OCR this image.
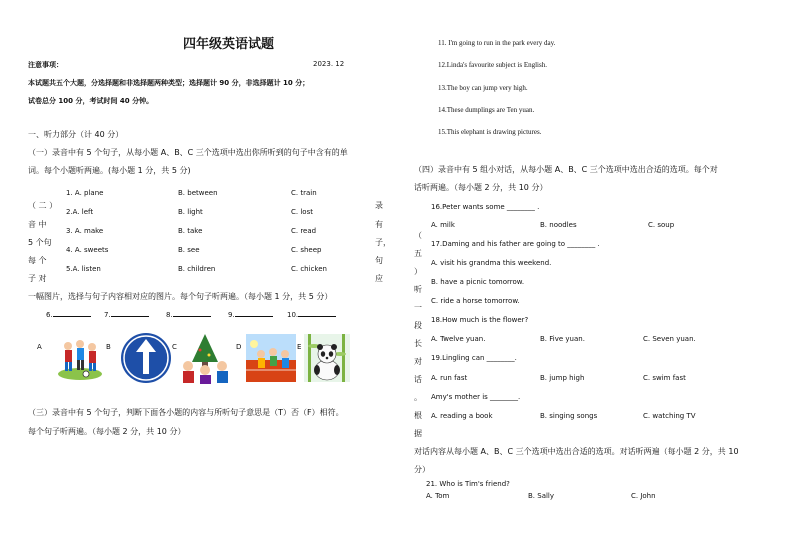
四年级英语试题
注意事项：	2023. 12
本试题共五个大题，分选择题和非选择题两种类型；选择题计 90 分，非选择题计 10 分；
试卷总分 100 分，考试时间 40 分钟。
一、听力部分（计 40 分）
（一）录音中有 5 个句子，从每小题 A、B、C 三个选项中选出你所听到的句子中含有的单
词。每个小题听两遍。(每小题 1 分，共 5 分)
1. A. plane	B. between	C. train
2.A. left	B. light	C. lost
3. A. make	B. take	C. read
4. A. sweets	B. see	C. sheep
5.A. listen	B. children	C. chicken
（ 二 ）
音 中
5 个句
每 个
子 对
录
有
子，
句
应
一幅图片，选择与句子内容相对应的图片。每个句子听两遍。（每小题 1 分，共 5 分）
6.	7.	8.	9.	10.
A	B	C	D	E
（三）录音中有 5 个句子，判断下面各小题的内容与所听句子意思是（T）否（F）相符。
每个句子听两遍。（每小题 2 分，共 10 分）
11. I'm going to run in the park every day.
12.Linda's favourite subject is English.
13.The boy can jump very high.
14.These dumplings are Ten yuan.
15.This elephant is drawing pictures.
（四）录音中有 5 组小对话，从每小题 A、B、C 三个选项中选出合适的选项。每个对
话听两遍。（每小题 2 分，共 10 分）
（
五
）
听
一
段
长
对
话
。
根
据
16.Peter wants some ________ .
A. milk	B. noodles	C. soup
17.Daming and his father are going to ________ .
A. visit his grandma this weekend.
B. have a picnic tomorrow.
C. ride a horse tomorrow.
18.How much is the flower?
A. Twelve yuan.	B. Five yuan.	C. Seven yuan.
19.Lingling can ________.
A. run fast	B. jump high	C. swim fast
Amy's mother is ________.
A. reading a book	B. singing songs	C. watching TV
对话内容从每小题 A、B、C 三个选项中选出合适的选项。对话听两遍（每小题 2 分，共 10
分）
21. Who is Tim's friend?
A. Tom	B. Sally	C. John
